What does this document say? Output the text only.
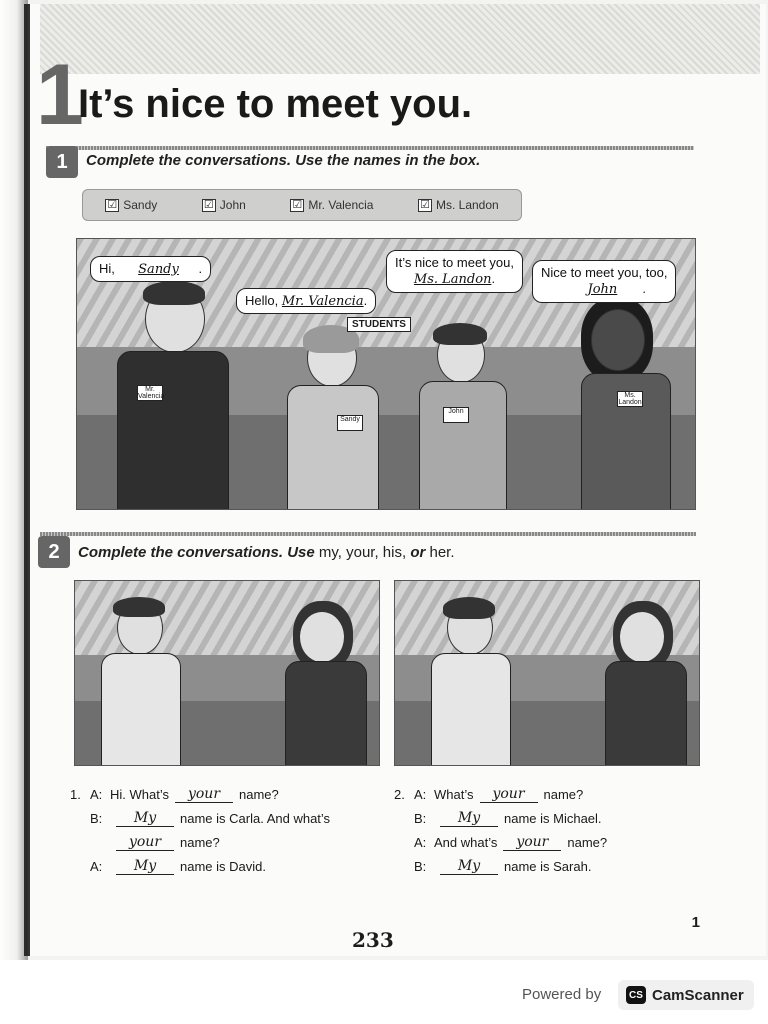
1
It’s nice to meet you.
1	Complete the conversations. Use the names in the box.
☑ Sandy	☑ John	☑ Mr. Valencia	☑ Ms. Landon
Mr. Valencia
Sandy
John
Ms. Landon
STUDENTS
Hi, Sandy .
Hello, Mr. Valencia.
It’s nice to meet you,
Ms. Landon.	Nice to meet you, too,
John .
2	Complete the conversations. Use my, your, his, or her.
1. A: Hi. What’s	your	name?
B:	My	name is Carla. And what’s
your	name?
A:	My	name is David.
2. A: What’s	your	name?
B:	My	name is Michael.
A: And what’s	your	name?
B:	My	name is Sarah.
1
233
Powered by	CS CamScanner
